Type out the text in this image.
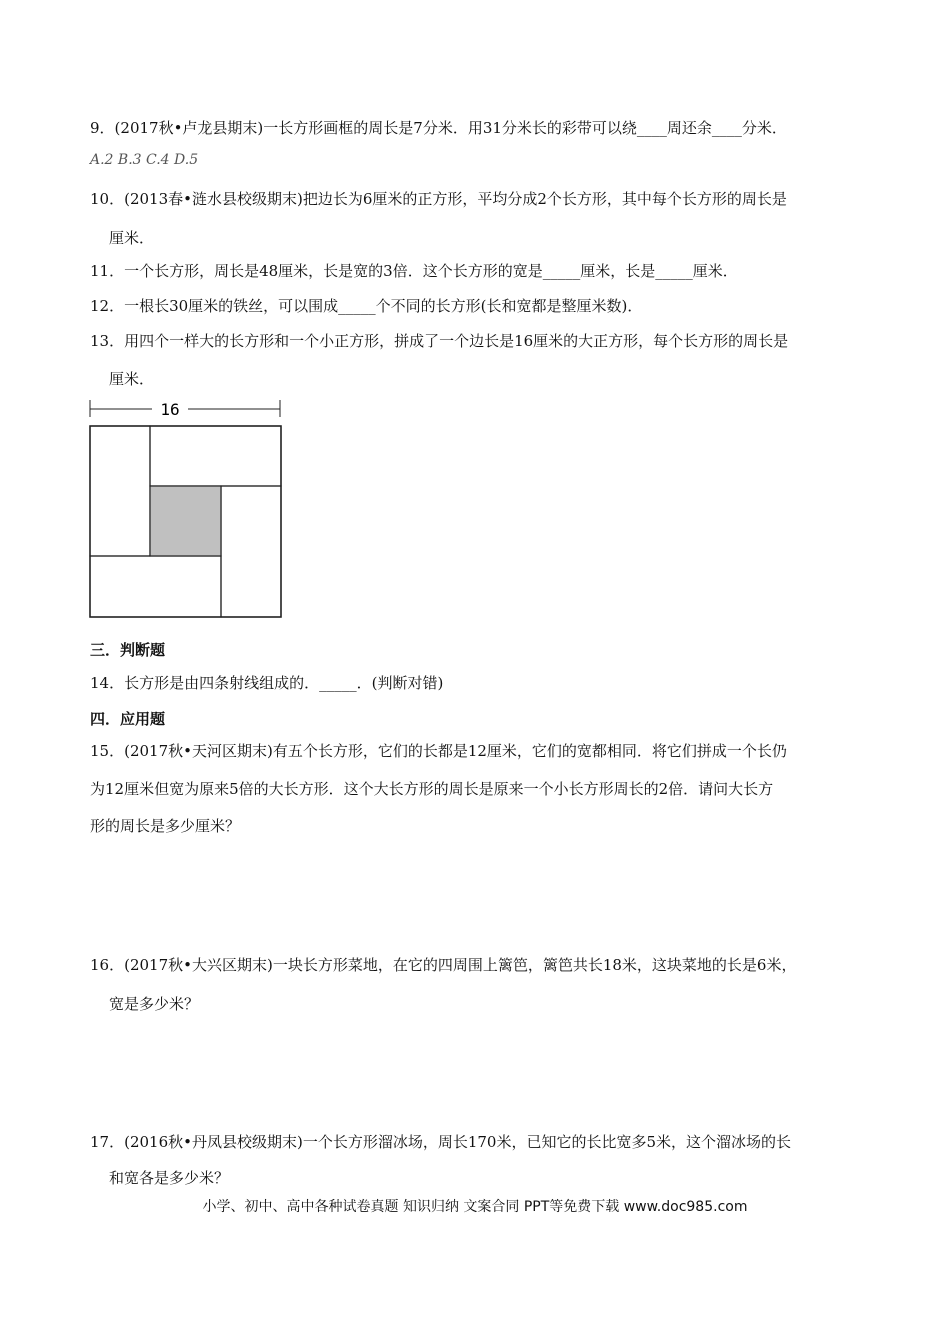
9．(2017秋•卢龙县期末)一长方形画框的周长是7分米．用31分米长的彩带可以绕____周还余____分米．
A.2 B.3 C.4 D.5
10．(2013春•涟水县校级期末)把边长为6厘米的正方形，平均分成2个长方形，其中每个长方形的周长是
厘米．
11．一个长方形，周长是48厘米，长是宽的3倍．这个长方形的宽是_____厘米，长是_____厘米．
12．一根长30厘米的铁丝，可以围成_____个不同的长方形(长和宽都是整厘米数)．
13．用四个一样大的长方形和一个小正方形，拼成了一个边长是16厘米的大正方形，每个长方形的周长是
厘米．
16
三．判断题
14．长方形是由四条射线组成的．_____．(判断对错)
四．应用题
15．(2017秋•天河区期末)有五个长方形，它们的长都是12厘米，它们的宽都相同．将它们拼成一个长仍
为12厘米但宽为原来5倍的大长方形．这个大长方形的周长是原来一个小长方形周长的2倍．请问大长方
形的周长是多少厘米？
16．(2017秋•大兴区期末)一块长方形菜地，在它的四周围上篱笆，篱笆共长18米，这块菜地的长是6米，
宽是多少米？
17．(2016秋•丹凤县校级期末)一个长方形溜冰场，周长170米，已知它的长比宽多5米，这个溜冰场的长
和宽各是多少米？
小学、初中、高中各种试卷真题 知识归纳 文案合同 PPT等免费下载 www.doc985.com
